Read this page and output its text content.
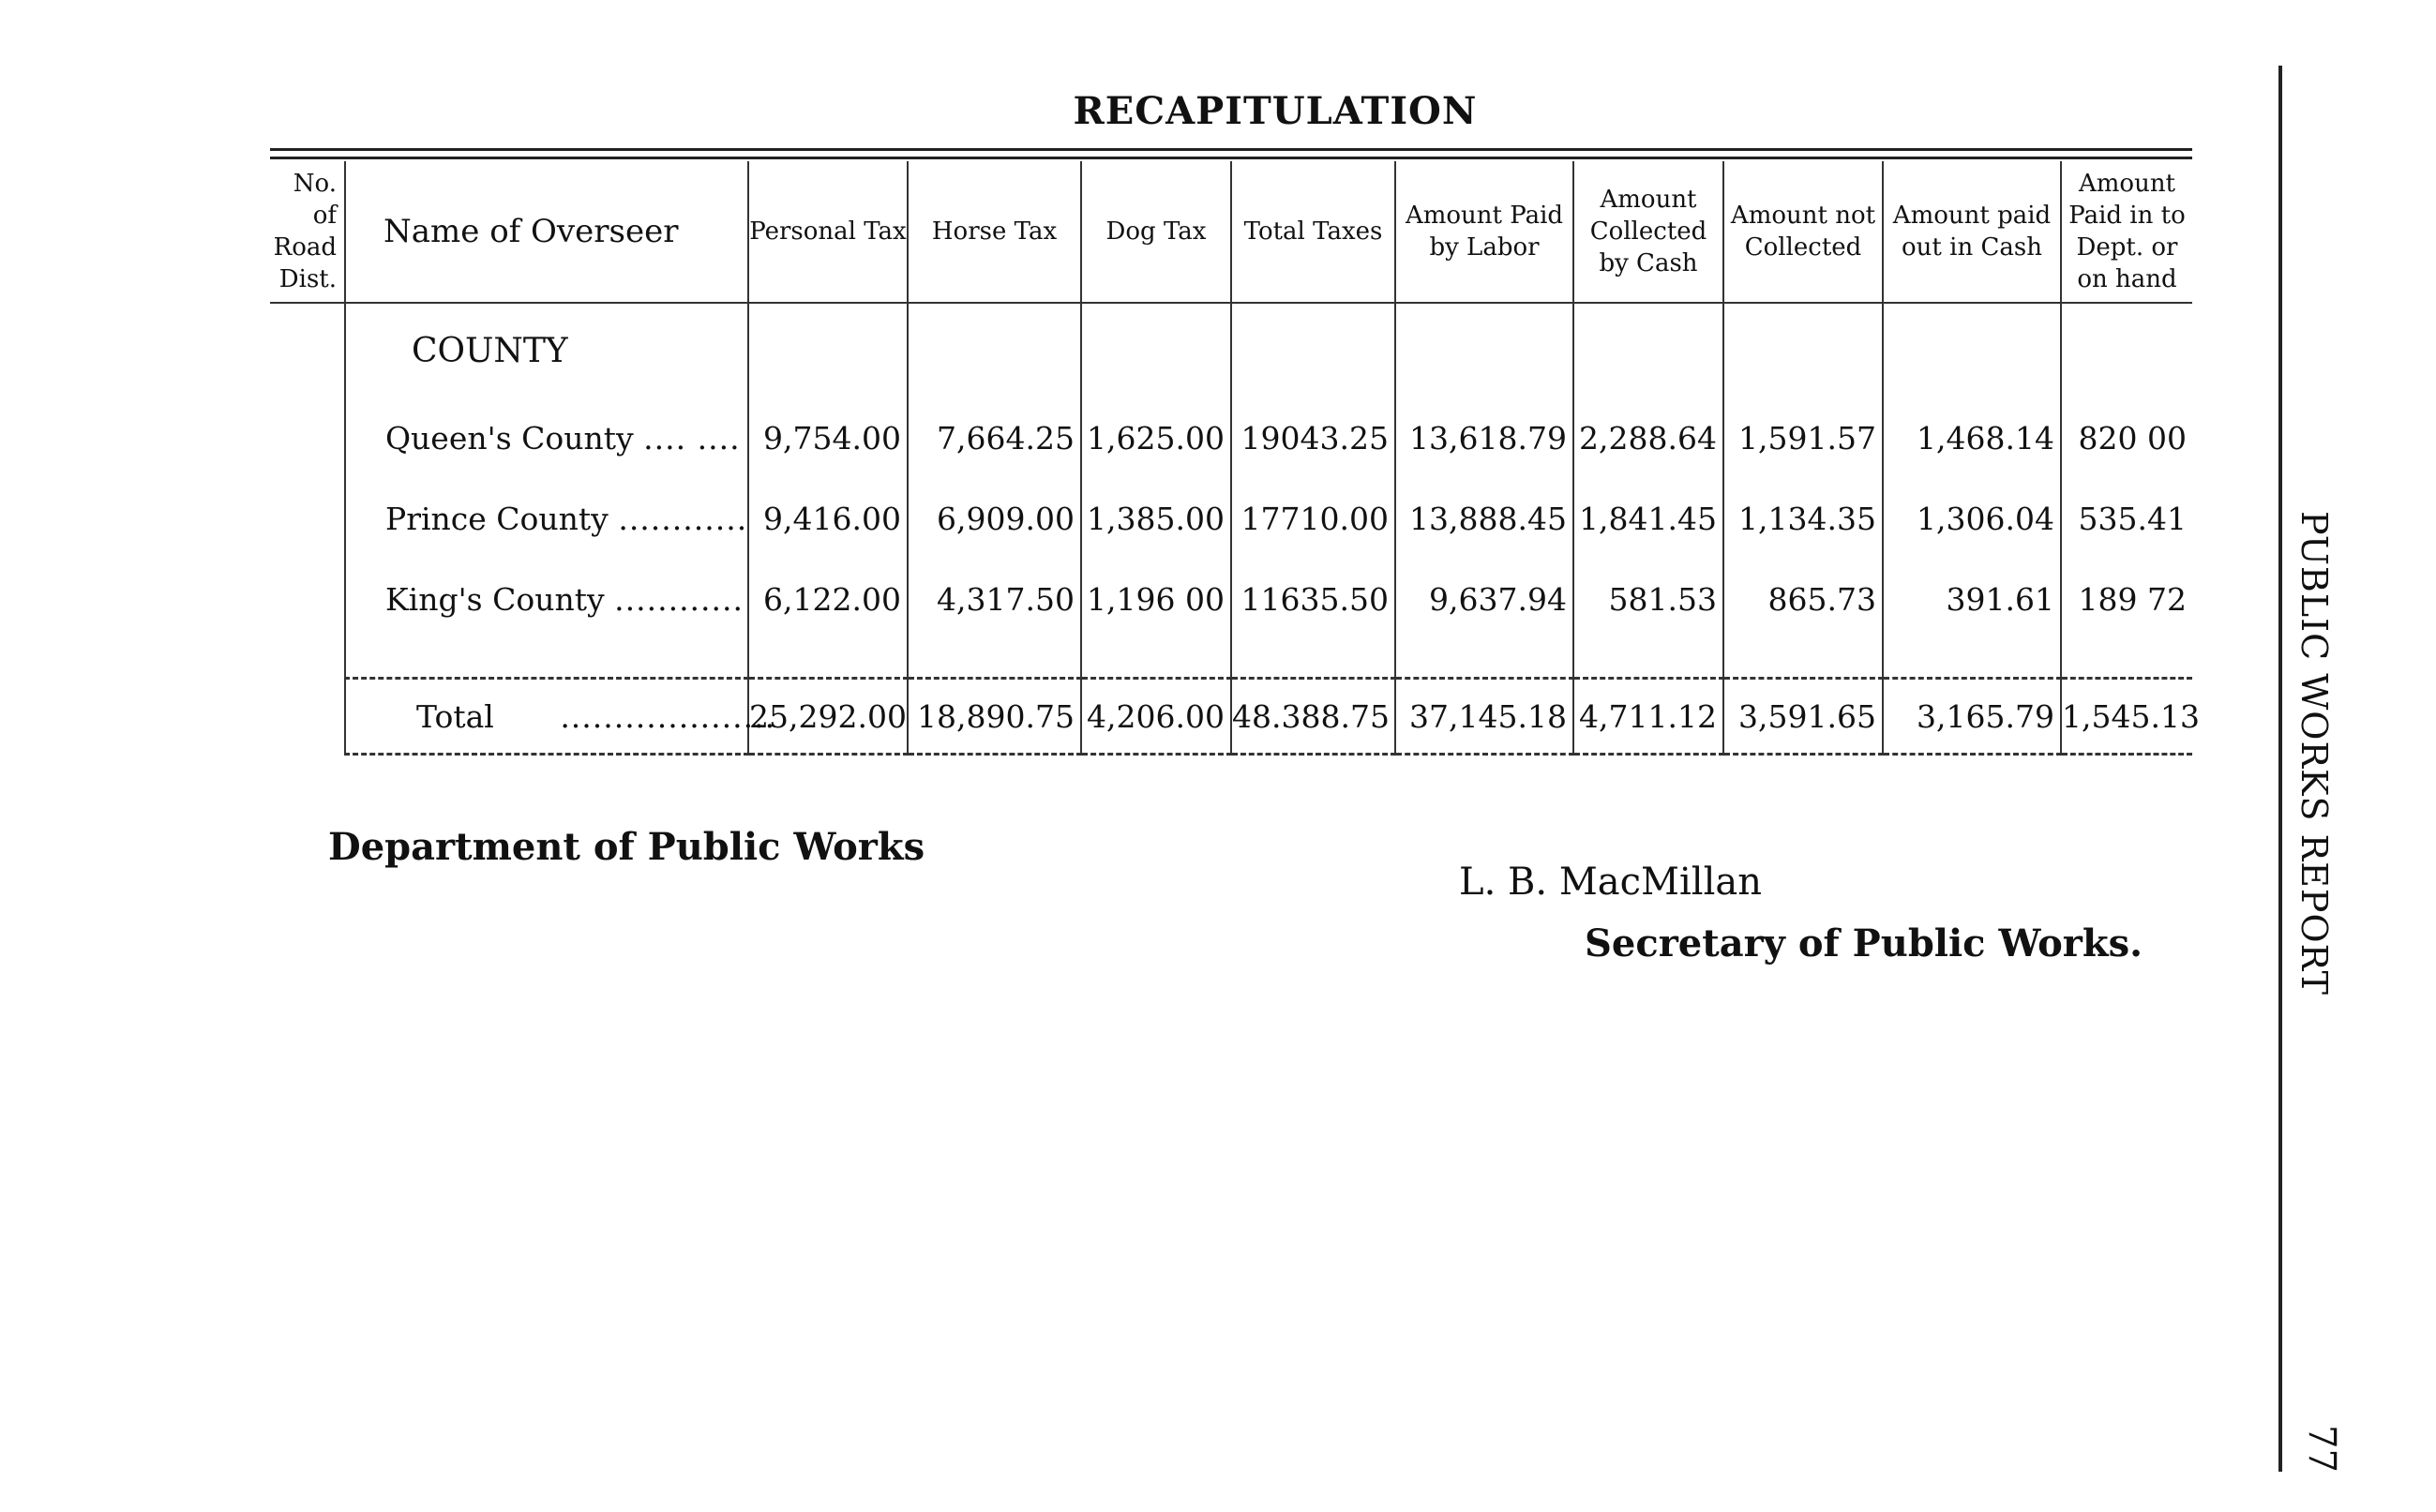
RECAPITULATION
No. of Road Dist.	Name of Overseer	Personal Tax	Horse Tax	Dog Tax	Total Taxes	Amount Paid by Labor	Amount Collected by Cash	Amount not Collected	Amount paid out in Cash	Amount Paid in to Dept. or on hand
	COUNTY									
	Queen's County .... ....	9,754.00	7,664.25	1,625.00	19043.25	13,618.79	2,288.64	1,591.57	1,468.14	820 00
	Prince County ............	9,416.00	6,909.00	1,385.00	17710.00	13,888.45	1,841.45	1,134.35	1,306.04	535.41
	King's County ............	6,122.00	4,317.50	1,196 00	11635.50	9,637.94	581.53	865.73	391.61	189 72

	Total ....................	25,292.00	18,890.75	4,206.00	48.388.75	37,145.18	4,711.12	3,591.65	3,165.79	1,545.13
Department of Public Works
L. B. MacMillan
Secretary of Public Works.	PUBLIC WORKS REPORT
77
